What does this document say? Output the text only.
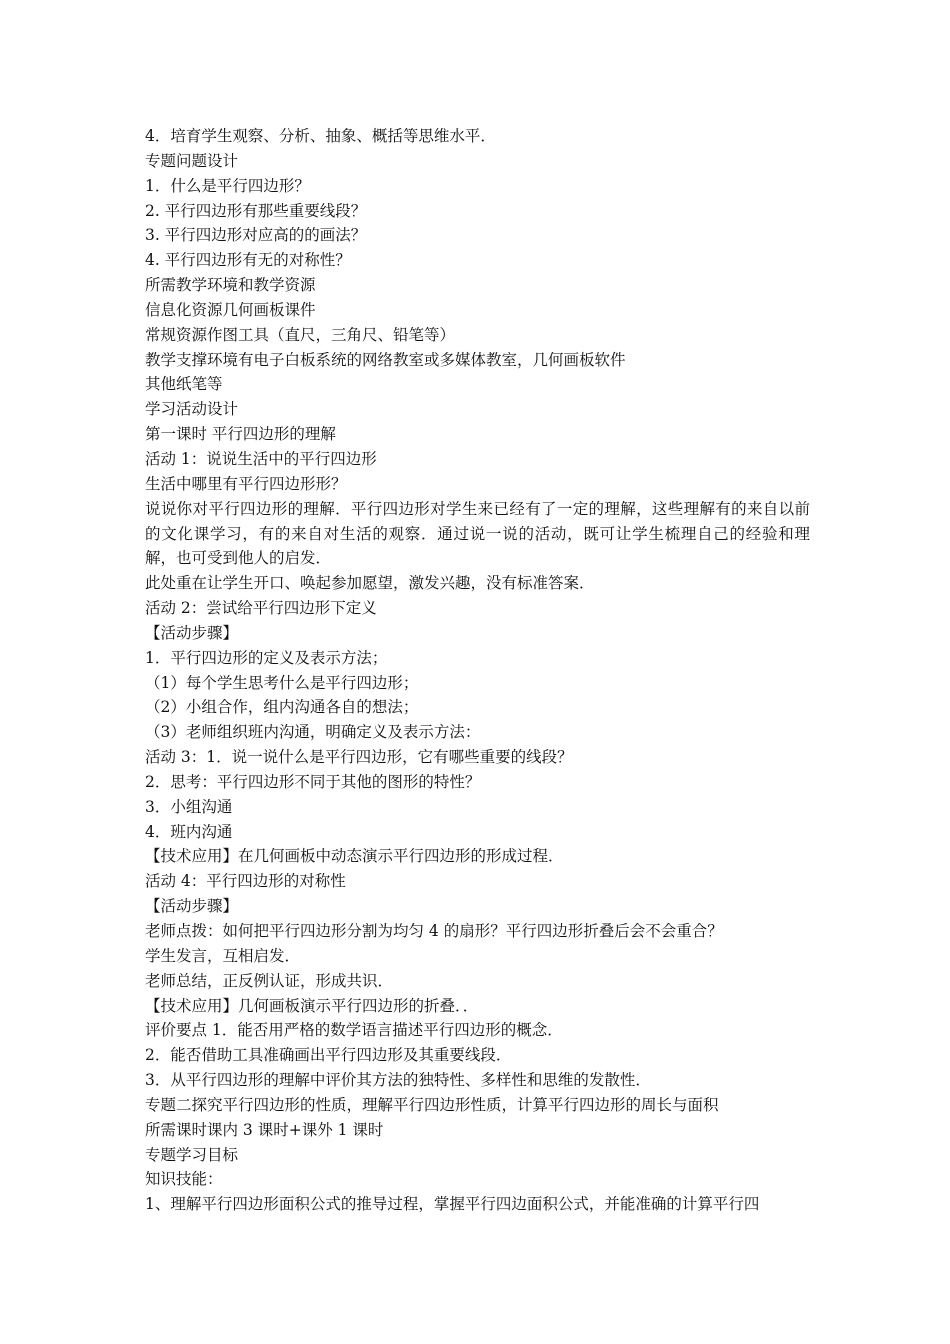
4．培育学生观察、分析、抽象、概括等思维水平．
专题问题设计
1．什么是平行四边形？
2. 平行四边形有那些重要线段？
3. 平行四边形对应高的的画法？
4. 平行四边形有无的对称性？
所需教学环境和教学资源
信息化资源几何画板课件
常规资源作图工具（直尺，三角尺、铅笔等）
教学支撑环境有电子白板系统的网络教室或多媒体教室，几何画板软件
其他纸笔等
学习活动设计
第一课时 平行四边形的理解
活动 1：说说生活中的平行四边形
生活中哪里有平行四边形形？
说说你对平行四边形的理解．平行四边形对学生来已经有了一定的理解，这些理解有的来自以前的文化课学习，有的来自对生活的观察．通过说一说的活动，既可让学生梳理自己的经验和理解，也可受到他人的启发．
此处重在让学生开口、唤起参加愿望，激发兴趣，没有标准答案．
活动 2：尝试给平行四边形下定义
【活动步骤】
1．平行四边形的定义及表示方法；
（1）每个学生思考什么是平行四边形；
（2）小组合作，组内沟通各自的想法；
（3）老师组织班内沟通，明确定义及表示方法：
活动 3：1．说一说什么是平行四边形，它有哪些重要的线段？
2．思考：平行四边形不同于其他的图形的特性？
3．小组沟通
4．班内沟通
【技术应用】在几何画板中动态演示平行四边形的形成过程．
活动 4：平行四边形的对称性
【活动步骤】
老师点拨：如何把平行四边形分割为均匀 4 的扇形？平行四边形折叠后会不会重合？
学生发言，互相启发．
老师总结，正反例认证，形成共识．
【技术应用】几何画板演示平行四边形的折叠．．
评价要点 1．能否用严格的数学语言描述平行四边形的概念．
2．能否借助工具准确画出平行四边形及其重要线段．
3．从平行四边形的理解中评价其方法的独特性、多样性和思维的发散性．
专题二探究平行四边形的性质，理解平行四边形性质，计算平行四边形的周长与面积
所需课时课内 3 课时+课外 1 课时
专题学习目标
知识技能：
1、理解平行四边形面积公式的推导过程，掌握平行四边面积公式，并能准确的计算平行四
